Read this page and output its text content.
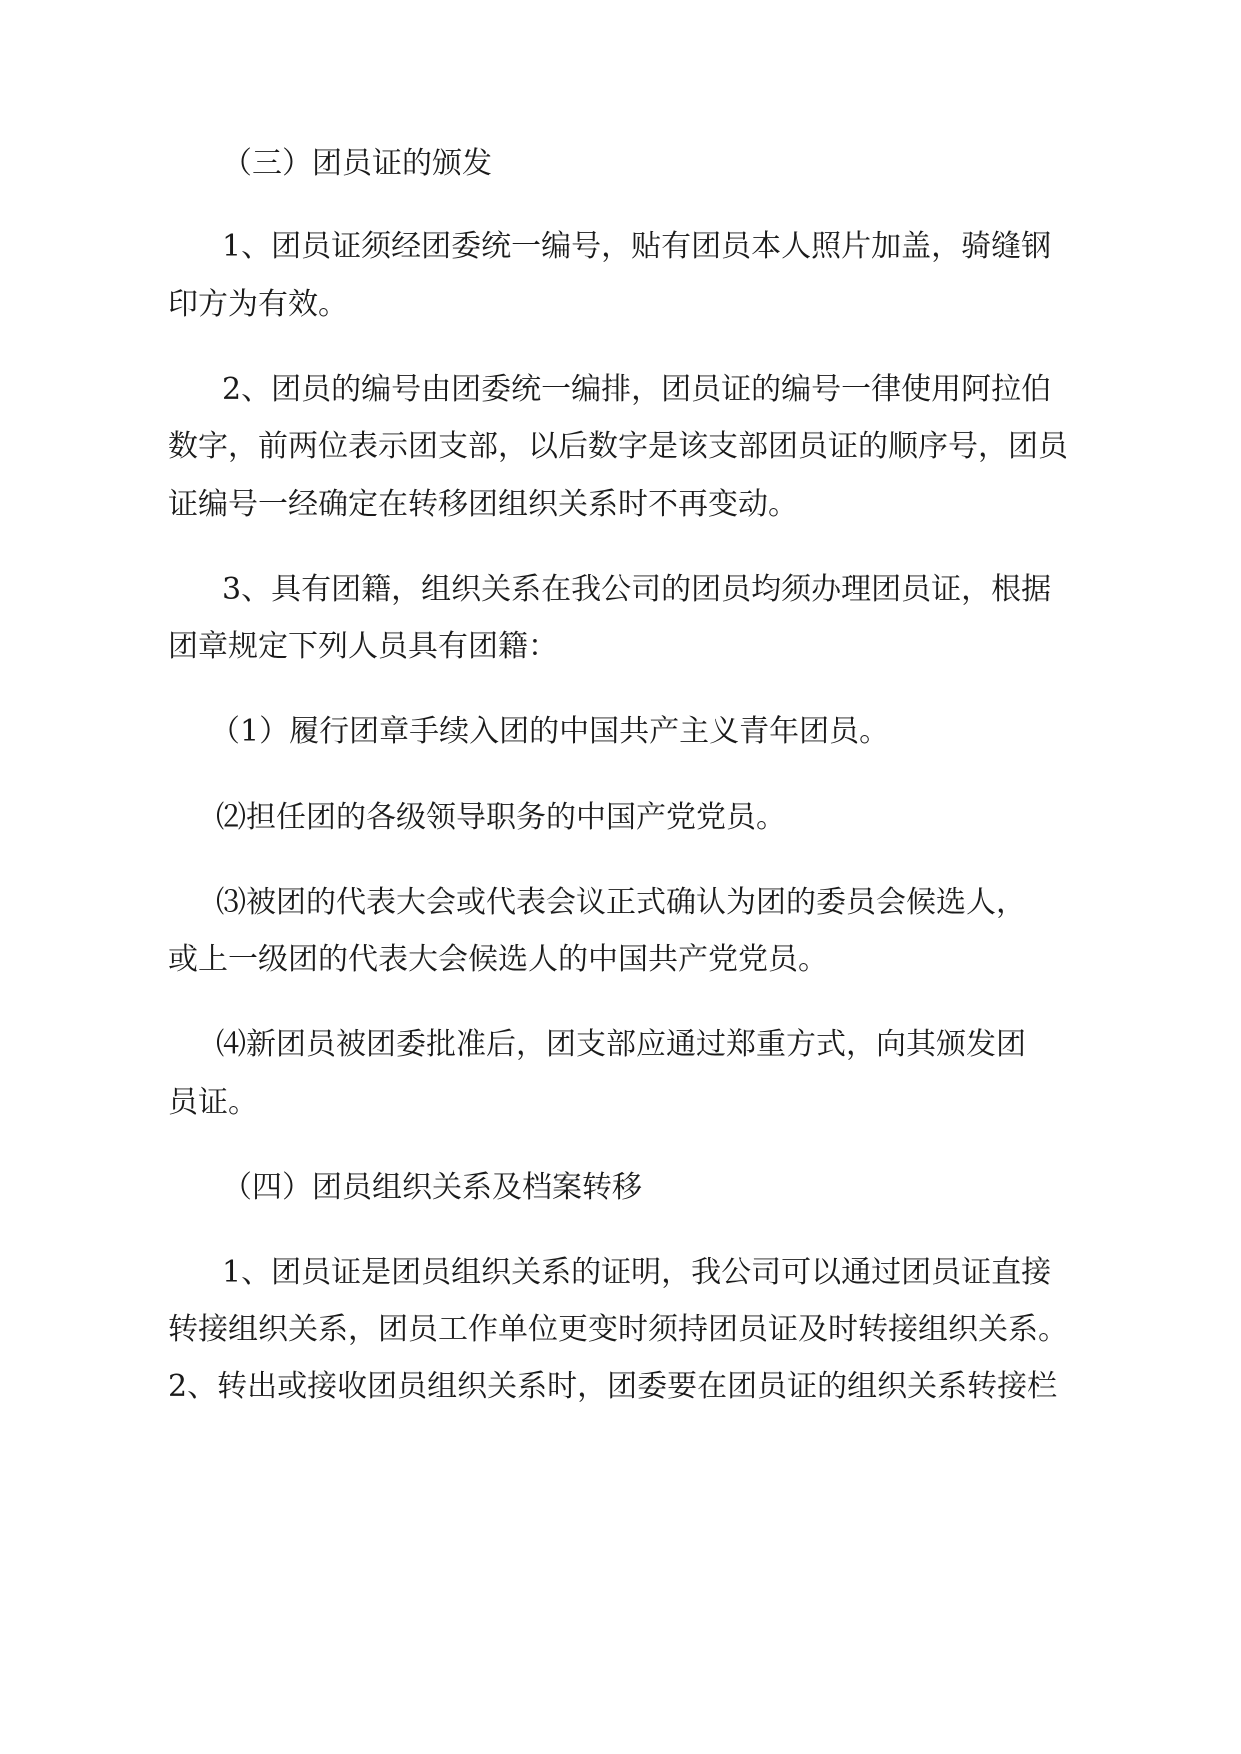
（三）团员证的颁发
1、团员证须经团委统一编号，贴有团员本人照片加盖，骑缝钢
印方为有效。
2、团员的编号由团委统一编排，团员证的编号一律使用阿拉伯
数字，前两位表示团支部，以后数字是该支部团员证的顺序号，团员
证编号一经确定在转移团组织关系时不再变动。
3、具有团籍，组织关系在我公司的团员均须办理团员证，根据
团章规定下列人员具有团籍：
（1）履行团章手续入团的中国共产主义青年团员。
⑵担任团的各级领导职务的中国产党党员。
⑶被团的代表大会或代表会议正式确认为团的委员会候选人，
或上一级团的代表大会候选人的中国共产党党员。
⑷新团员被团委批准后，团支部应通过郑重方式，向其颁发团
员证。
（四）团员组织关系及档案转移
1、团员证是团员组织关系的证明，我公司可以通过团员证直接
转接组织关系，团员工作单位更变时须持团员证及时转接组织关系。
2、转出或接收团员组织关系时，团委要在团员证的组织关系转接栏
